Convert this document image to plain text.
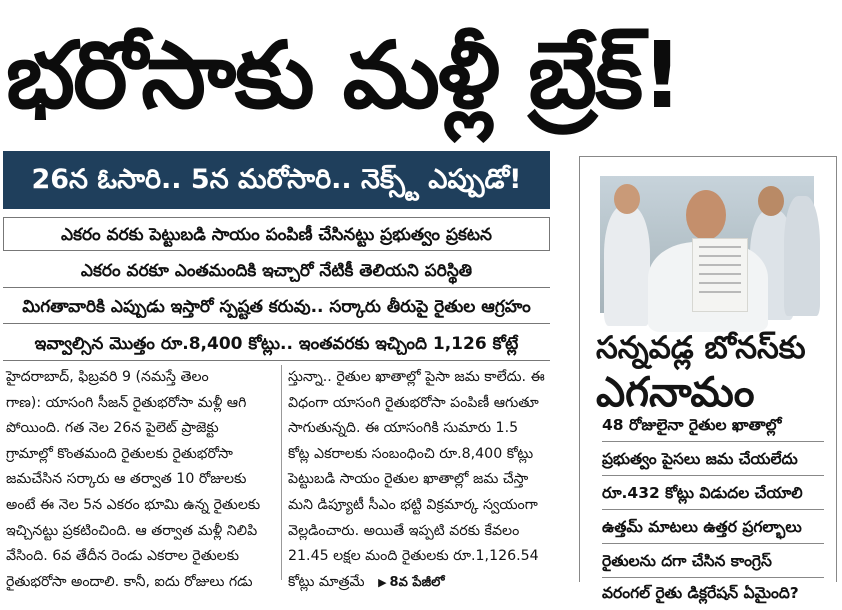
భరోసాకు మళ్లీ బ్రేక్!
26న ఓసారి.. 5న మరోసారి.. నెక్స్ట్ ఎప్పుడో!
ఎకరం వరకు పెట్టుబడి సాయం పంపిణీ చేసినట్టు ప్రభుత్వం ప్రకటన
ఎకరం వరకూ ఎంతమందికి ఇచ్చారో నేటికీ తెలియని పరిస్థితి
మిగతావారికి ఎప్పుడు ఇస్తారో స్పష్టత కరువు.. సర్కారు తీరుపై రైతుల ఆగ్రహం
ఇవ్వాల్సిన మొత్తం రూ.8,400 కోట్లు.. ఇంతవరకు ఇచ్చింది 1,126 కోట్లే
హైదరాబాద్, ఫిబ్రవరి 9 (నమస్తే తెలం
గాణ): యాసంగి సీజన్ రైతుభరోసా మళ్లీ ఆగి
పోయింది. గత నెల 26న పైలెట్ ప్రాజెక్టు
గ్రామాల్లో కొంతమంది రైతులకు రైతుభరోసా
జమచేసిన సర్కారు ఆ తర్వాత 10 రోజులకు
అంటే ఈ నెల 5న ఎకరం భూమి ఉన్న రైతులకు
ఇచ్చినట్టు ప్రకటించింది. ఆ తర్వాత మళ్లీ నిలిపి
వేసింది. 6వ తేదీన రెండు ఎకరాల రైతులకు
రైతుభరోసా అందాలి. కానీ, ఐదు రోజులు గడు
స్తున్నా.. రైతుల ఖాతాల్లో పైసా జమ కాలేదు. ఈ
విధంగా యాసంగి రైతుభరోసా పంపిణీ ఆగుతూ
సాగుతున్నది. ఈ యాసంగికి సుమారు 1.5
కోట్ల ఎకరాలకు సంబంధించి రూ.8,400 కోట్లు
పెట్టుబడి సాయం రైతుల ఖాతాల్లో జమ చేస్తా
మని డిప్యూటీ సీఎం భట్టి విక్రమార్క స్వయంగా
వెల్లడించారు. అయితే ఇప్పటి వరకు కేవలం
21.45 లక్షల మంది రైతులకు రూ.1,126.54
కోట్లు మాత్రమే ▶ 8వ పేజీలో
సన్నవడ్ల బోనస్‌కు
ఎగనామం
48 రోజులైనా రైతుల ఖాతాల్లో
ప్రభుత్వం పైసలు జమ చేయలేదు
రూ.432 కోట్లు విడుదల చేయాలి
ఉత్తమ్ మాటలు ఉత్తర ప్రగల్భాలు
రైతులను దగా చేసిన కాంగ్రెస్
వరంగల్ రైతు డిక్లరేషన్ ఏమైంది?
